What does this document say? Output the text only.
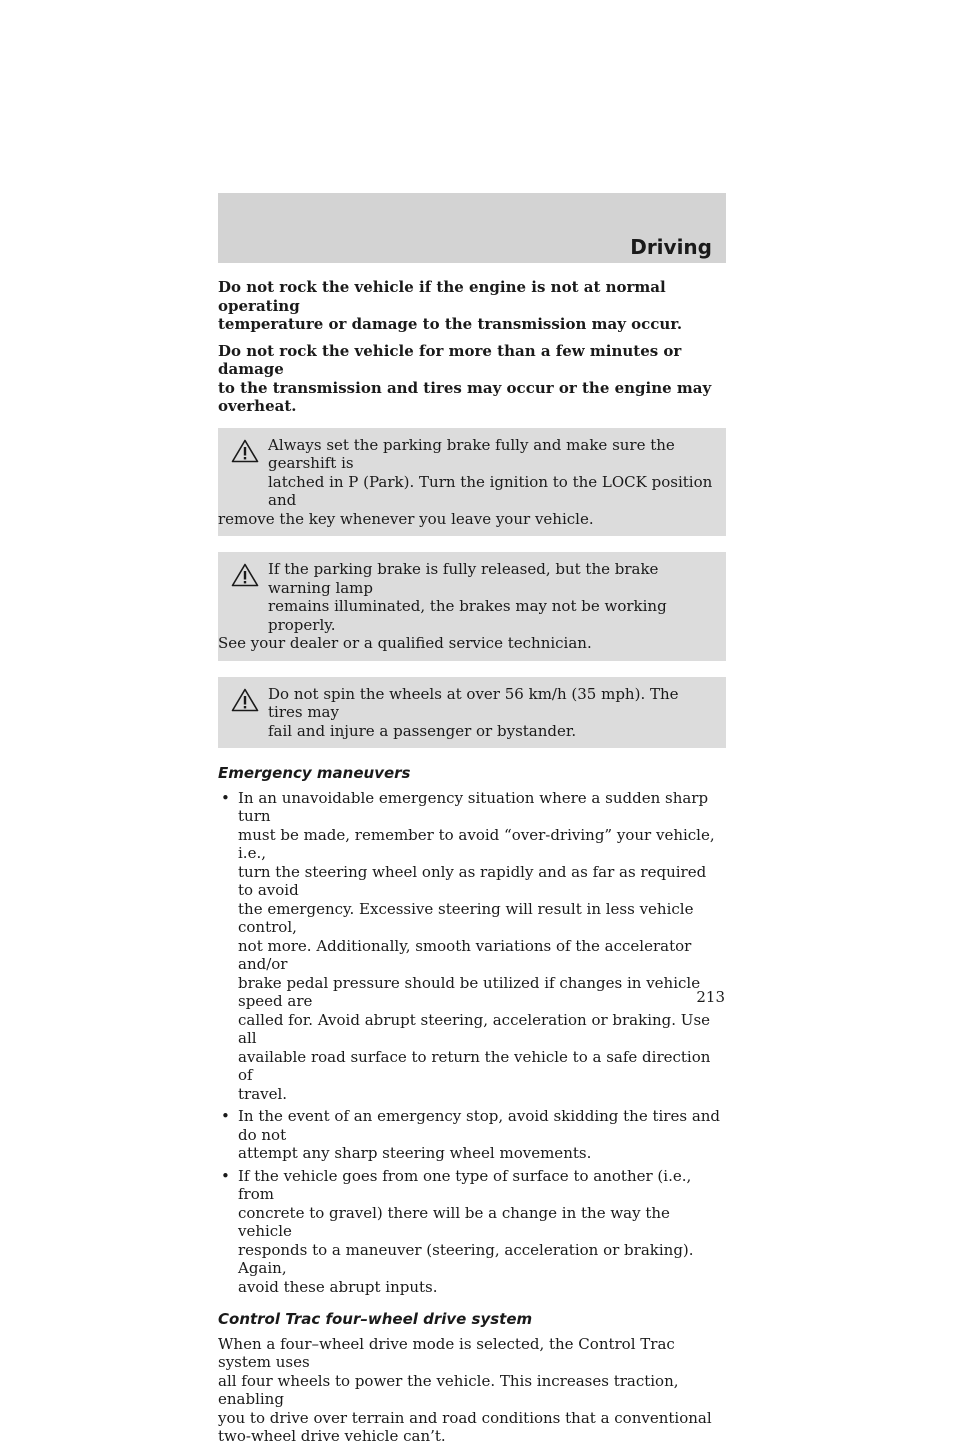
Driving

Do not rock the vehicle if the engine is not at normal operating
temperature or damage to the transmission may occur.

Do not rock the vehicle for more than a few minutes or damage
to the transmission and tires may occur or the engine may
overheat.

Always set the parking brake fully and make sure the gearshift is
latched in P (Park). Turn the ignition to the LOCK position and
remove the key whenever you leave your vehicle.
If the parking brake is fully released, but the brake warning lamp
remains illuminated, the brakes may not be working properly.
See your dealer or a qualified service technician.
Do not spin the wheels at over 56 km/h (35 mph). The tires may
fail and injure a passenger or bystander.
Emergency maneuvers
• In an unavoidable emergency situation where a sudden sharp turn
must be made, remember to avoid “over-driving” your vehicle, i.e.,
turn the steering wheel only as rapidly and as far as required to avoid
the emergency. Excessive steering will result in less vehicle control,
not more. Additionally, smooth variations of the accelerator and/or
brake pedal pressure should be utilized if changes in vehicle speed are
called for. Avoid abrupt steering, acceleration or braking. Use all
available road surface to return the vehicle to a safe direction of
travel.
• In the event of an emergency stop, avoid skidding the tires and do not
attempt any sharp steering wheel movements.
• If the vehicle goes from one type of surface to another (i.e., from
concrete to gravel) there will be a change in the way the vehicle
responds to a maneuver (steering, acceleration or braking). Again,
avoid these abrupt inputs.
Control Trac four–wheel drive system

When a four–wheel drive mode is selected, the Control Trac system uses
all four wheels to power the vehicle. This increases traction, enabling
you to drive over terrain and road conditions that a conventional
two-wheel drive vehicle can’t.

213
